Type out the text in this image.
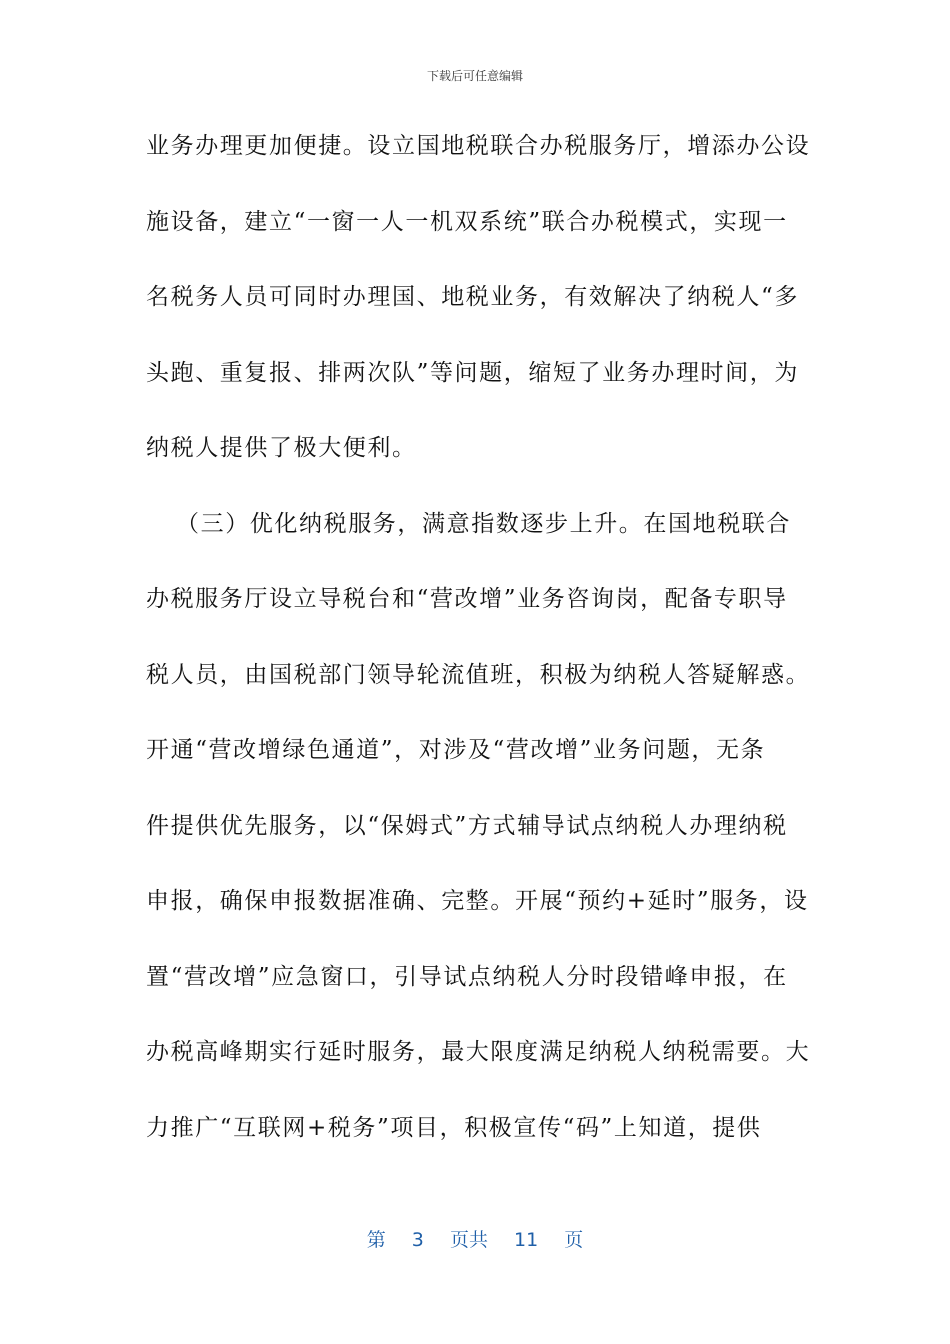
下载后可任意编辑
业务办理更加便捷。设立国地税联合办税服务厅，增添办公设
施设备，建立“一窗一人一机双系统”联合办税模式，实现一
名税务人员可同时办理国、地税业务，有效解决了纳税人“多
头跑、重复报、排两次队”等问题，缩短了业务办理时间，为
纳税人提供了极大便利。
（三）优化纳税服务，满意指数逐步上升。在国地税联合
办税服务厅设立导税台和“营改增”业务咨询岗，配备专职导
税人员，由国税部门领导轮流值班，积极为纳税人答疑解惑。
开通“营改增绿色通道”，对涉及“营改增”业务问题，无条
件提供优先服务，以“保姆式”方式辅导试点纳税人办理纳税
申报，确保申报数据准确、完整。开展“预约+延时”服务，设
置“营改增”应急窗口，引导试点纳税人分时段错峰申报，在
办税高峰期实行延时服务，最大限度满足纳税人纳税需要。大
力推广“互联网+税务”项目，积极宣传“码”上知道，提供
第 3 页共 11 页
